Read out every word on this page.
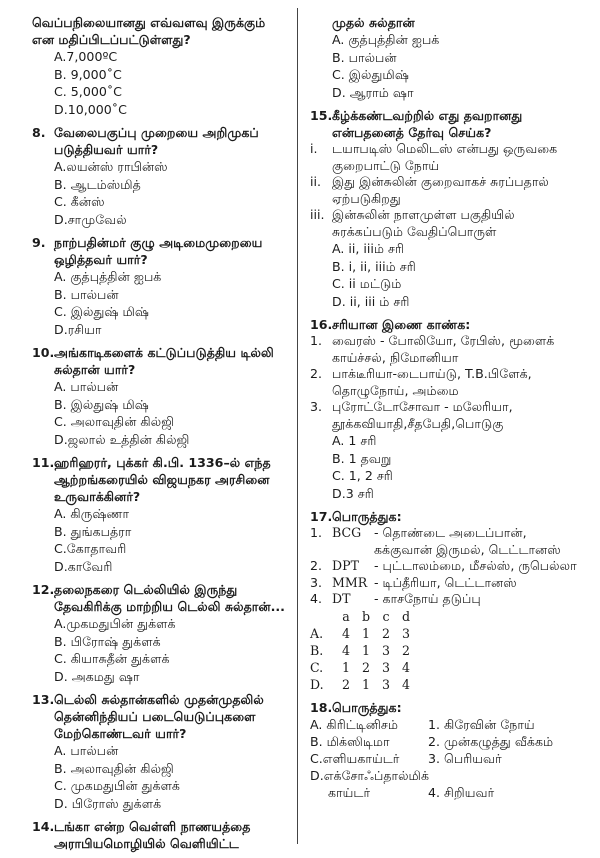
வெப்பநிலையானது எவ்வளவு இருக்கும் என மதிப்பிடப்பட்டுள்ளது?
A.7,000ºC
B. 9,000˚C
C. 5,000˚C
D.10,000˚C
8. வேலைபகுப்பு முறையை அறிமுகப் படுத்தியவர் யார்?
A.லயன்ஸ் ராபின்ஸ்
B. ஆடம்ஸ்மித்
C. கீன்ஸ்
D.சாமுவேல்
9. நாற்பதின்மர் குழு அடிமைமுறையை ஒழித்தவர் யார்?
A. குத்புத்தின் ஐபக்
B. பால்பன்
C. இல்துஷ் மிஷ்
D.ரசியா
10. அங்காடிகளைக் கட்டுப்படுத்திய டில்லி சுல்தான் யார்?
A. பால்பன்
B. இல்துஷ் மிஷ்
C. அலாவுதின் கில்ஜி
D.ஜலால் உத்தின் கில்ஜி
11. ஹரிஹரர், புக்கர் கி.பி. 1336–ல் எந்த ஆற்றங்கரையில் விஜயநகர அரசினை உருவாக்கினர்?
A. கிருஷ்ணா
B. துங்கபத்ரா
C.கோதாவரி
D.காவேரி
12. தலைநகரை டெல்லியில் இருந்து தேவகிரிக்கு மாற்றிய டெல்லி சுல்தான்...
A.முகமதுபின் துக்ளக்
B. பிரோஷ் துக்ளக்
C. கியாசுதீன் துக்ளக்
D. அகமது ஷா
13. டெல்லி சுல்தான்களில் முதன்முதலில் தென்னிந்தியப் படையெடுப்புகளை மேற்கொண்டவர் யார்?
A. பால்பன்
B. அலாவுதின் கில்ஜி
C. முகமதுபின் துக்ளக்
D. பிரோஸ் துக்ளக்
14. டங்கா என்ற வெள்ளி நாணயத்தை அராபியமொழியில் வெளியிட்ட
முதல் சுல்தான்
A. குத்புத்தின் ஐபக்
B. பால்பன்
C. இல்துமிஷ்
D. ஆராம் ஷா
15. கீழ்க்கண்டவற்றில் எது தவறானது என்பதனைத் தேர்வு செய்க?
i.	டயாபடிஸ் மெலிடஸ் என்பது ஒருவகை குறைபாட்டு நோய்
ii. இது இன்சுலின் குறைவாகச் சுரப்பதால் ஏற்படுகிறது
iii. இன்சுலின் நாளமுள்ள பகுதியில் சுரக்கப்படும் வேதிப்பொருள்
A. ii, iiiம் சரி
B. i, ii, iiiம் சரி
C. ii மட்டும்
D. ii, iii ம் சரி
16. சரியான இணை காண்க:
1. வைரஸ் - போலியோ, ரேபிஸ், மூளைக் காய்ச்சல், நிமோனியா
2. பாக்டீரியா-டைபாய்டு, T.B.பிளேக், தொழுநோய், அம்மை
3. புரோட்டோசோவா - மலேரியா, தூக்கவியாதி,சீதபேதி,பொடுகு
A. 1 சரி
B. 1 தவறு
C. 1, 2 சரி
D.3 சரி
17. பொருத்துக:
1. BCG	- தொண்டை அடைப்பான், கக்குவான் இருமல், டெட்டானஸ்
2. DPT	- புட்டாலம்மை, மீசல்ஸ், ருபெல்லா
3. MMR - டிப்தீரியா, டெட்டானஸ்
4. DT	- காசநோய் தடுப்பு
a b c d
A.	4 1 2 3
B.	4 1 3 2
C.	1 2 3 4
D.	2 1 3 4
18. பொருத்துக:
A. கிரிட்டினிசம்	1. கிரேவின் நோய்
B. மிக்ஸிடிமா	2. முன்கழுத்து வீக்கம்
C.எளியகாய்டர்	3. பெரியவர்
D.எக்சோஃப்தால்மிக்
காய்டர்	4. சிறியவர்
